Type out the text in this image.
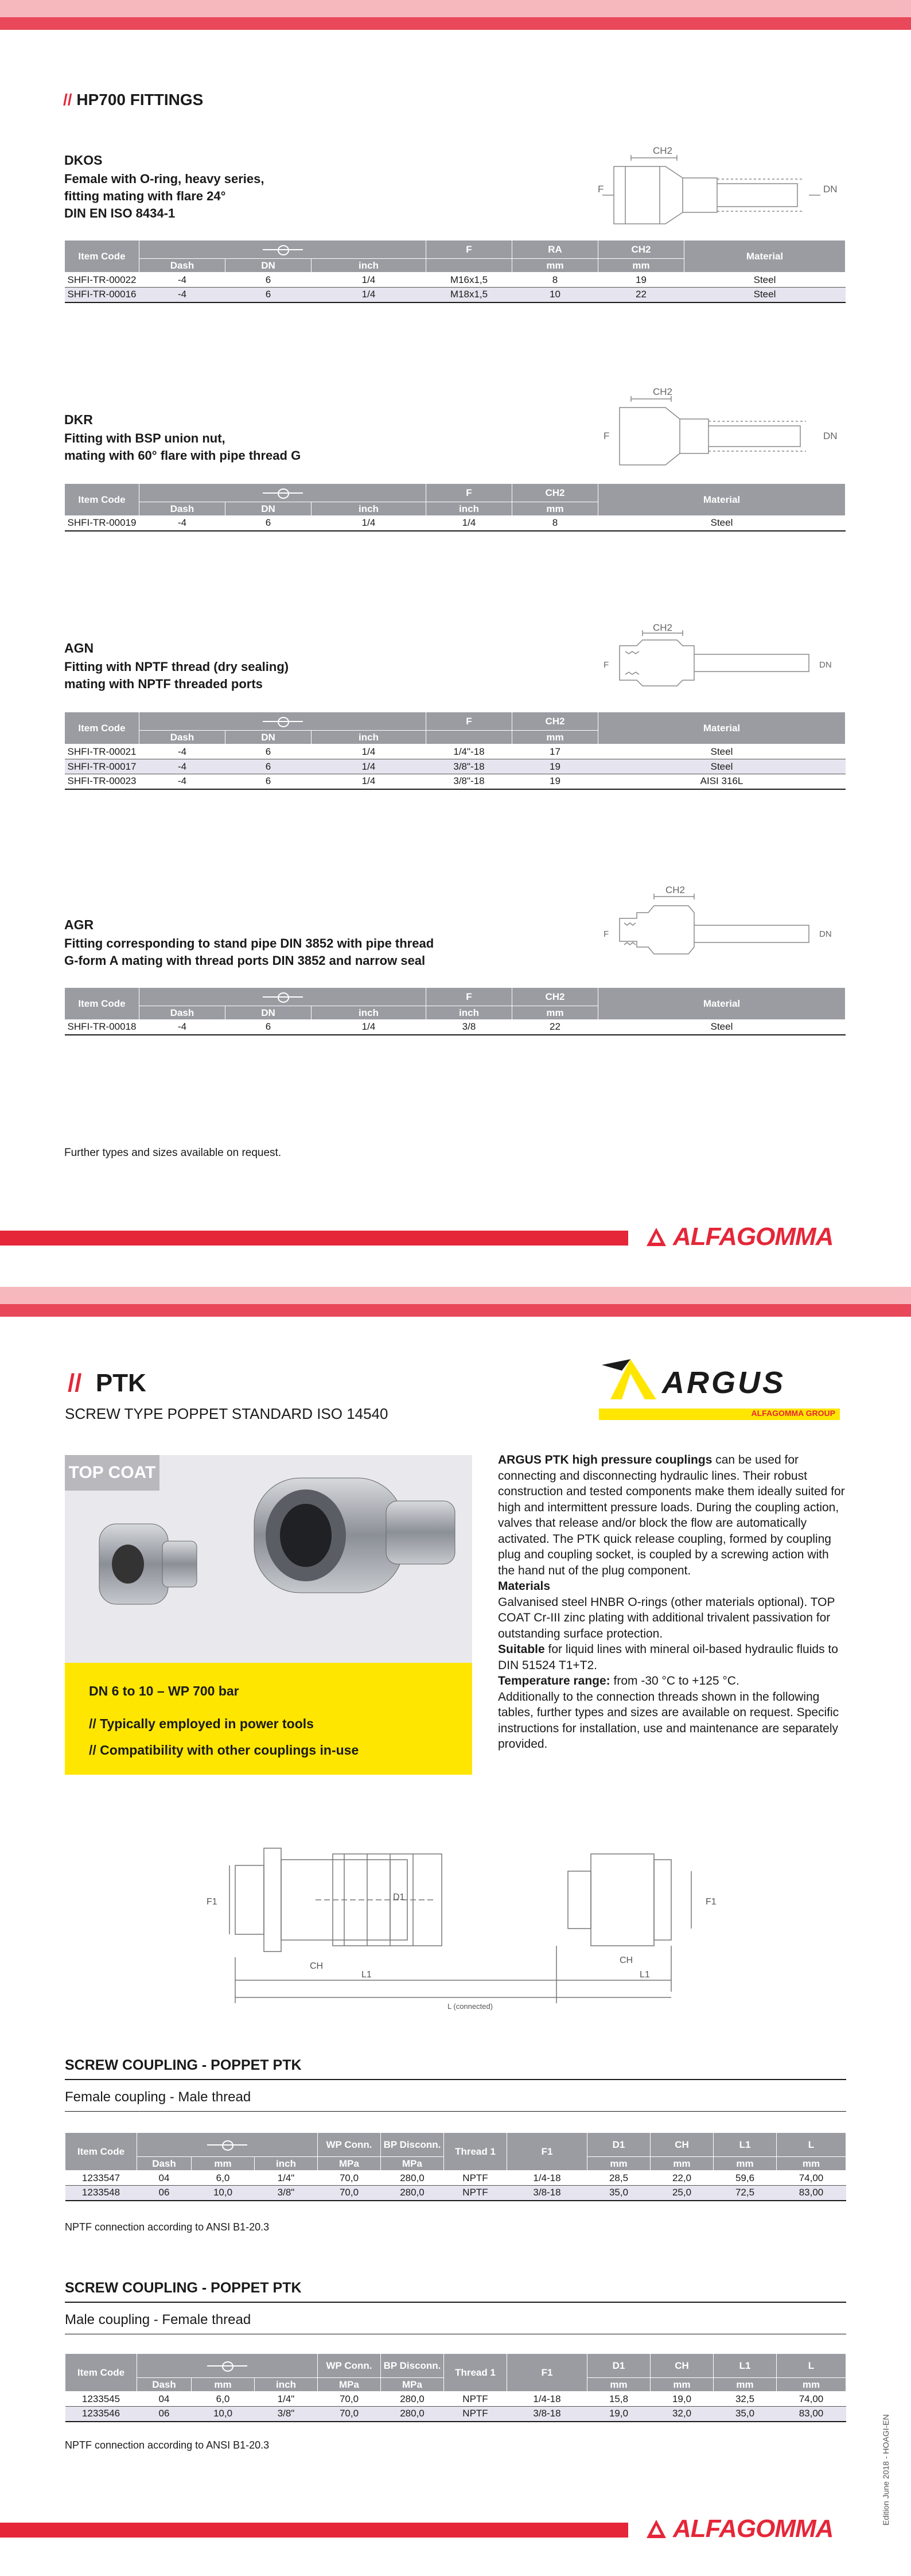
// HP700 FITTINGS
DKOS
Female with O-ring, heavy series,
fitting mating with flare 24°
DIN EN ISO 8434-1
CH2
F	DN
Item Code				F	RA	CH2	Material
	Dash	DN	inch		mm	mm	
SHFI-TR-00022	-4	6	1/4	M16x1,5	8	19	Steel
SHFI-TR-00016	-4	6	1/4	M18x1,5	10	22	Steel
DKR
Fitting with BSP union nut,
mating with 60° flare with pipe thread G
CH2
F	DN
Item Code				F	CH2	Material
	Dash	DN	inch	inch	mm	
SHFI-TR-00019	-4	6	1/4	1/4	8	Steel
AGN
Fitting with NPTF thread (dry sealing)
mating with NPTF threaded ports
CH2
F	DN
Item Code				F	CH2	Material
	Dash	DN	inch		mm	
SHFI-TR-00021	-4	6	1/4	1/4"-18	17	Steel
SHFI-TR-00017	-4	6	1/4	3/8"-18	19	Steel
SHFI-TR-00023	-4	6	1/4	3/8"-18	19	AISI 316L
AGR
Fitting corresponding to stand pipe DIN 3852 with pipe thread
G-form A mating with thread ports DIN 3852 and narrow seal
CH2
F	DN
Item Code				F	CH2	Material
	Dash	DN	inch	inch	mm	
SHFI-TR-00018	-4	6	1/4	3/8	22	Steel
Further types and sizes available on request.
ALFAGOMMA
// PTK
SCREW TYPE POPPET STANDARD ISO 14540
ARGUS
ALFAGOMMA GROUP
TOP COAT
DN 6 to 10 – WP 700 bar
// Typically employed in power tools
// Compatibility with other couplings in-use
ARGUS PTK high pressure couplings can be used for connecting and disconnecting hydraulic lines. Their robust construction and tested components make them ideally suited for high and intermittent pressure loads. During the coupling action, valves that release and/or block the flow are automatically activated. The PTK quick release coupling, formed by coupling plug and coupling socket, is coupled by a screwing action with the hand nut of the plug component.
Materials
Galvanised steel HNBR O-rings (other materials optional). TOP COAT Cr-III zinc plating with additional trivalent passivation for outstanding surface protection.
Suitable for liquid lines with mineral oil-based hydraulic fluids to DIN 51524 T1+T2.
Temperature range: from -30 °C to +125 °C.
Additionally to the connection threads shown in the following tables, further types and sizes are available on request. Specific instructions for installation, use and maintenance are separately provided.
F1	D1
CH
L1
L (connected)
CH
L1
F1
SCREW COUPLING - POPPET PTK
Female coupling - Male thread
Item Code				WP Conn.	BP Disconn.	Thread 1	F1	D1	CH	L1	L
	Dash	mm	inch	MPa	MPa			mm	mm	mm	mm
1233547	04	6,0	1/4"	70,0	280,0	NPTF	1/4-18	28,5	22,0	59,6	74,00
1233548	06	10,0	3/8"	70,0	280,0	NPTF	3/8-18	35,0	25,0	72,5	83,00
NPTF connection according to ANSI B1-20.3
SCREW COUPLING - POPPET PTK
Male coupling - Female thread
Item Code				WP Conn.	BP Disconn.	Thread 1	F1	D1	CH	L1	L
	Dash	mm	inch	MPa	MPa			mm	mm	mm	mm
1233545	04	6,0	1/4"	70,0	280,0	NPTF	1/4-18	15,8	19,0	32,5	74,00
1233546	06	10,0	3/8"	70,0	280,0	NPTF	3/8-18	19,0	32,0	35,0	83,00
NPTF connection according to ANSI B1-20.3	Edition June 2018 - HOAGI-EN
ALFAGOMMA
